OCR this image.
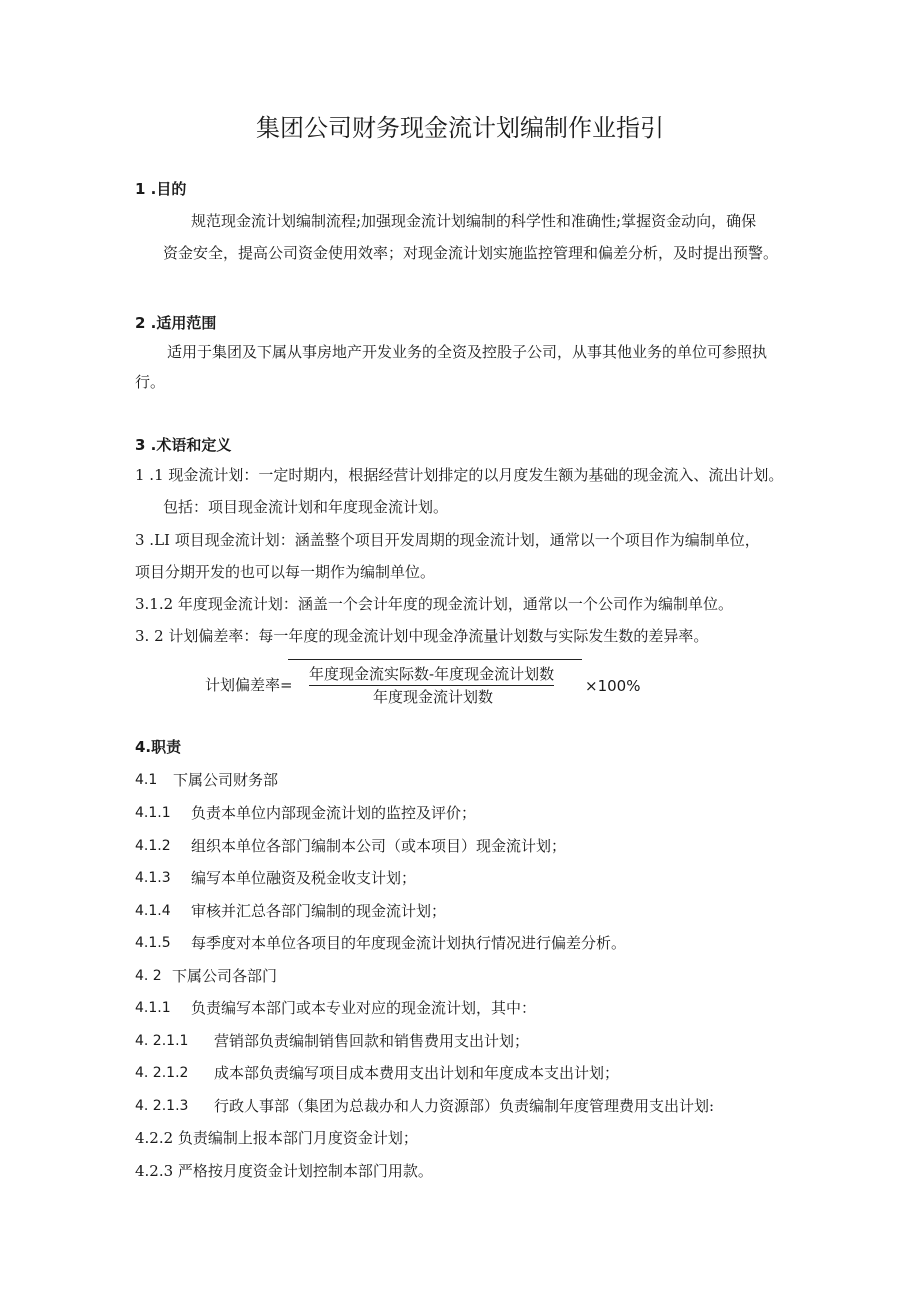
集团公司财务现金流计划编制作业指引
1 .目的
规范现金流计划编制流程;加强现金流计划编制的科学性和准确性;掌握资金动向，确保
资金安全，提高公司资金使用效率；对现金流计划实施监控管理和偏差分析，及时提出预警。
2 .适用范围
适用于集团及下属从事房地产开发业务的全资及控股子公司，从事其他业务的单位可参照执
行。
3 .术语和定义
1 .1 现金流计划：一定时期内，根据经营计划排定的以月度发生额为基础的现金流入、流出计划。
包括：项目现金流计划和年度现金流计划。
3 .LI 项目现金流计划：涵盖整个项目开发周期的现金流计划，通常以一个项目作为编制单位，
项目分期开发的也可以每一期作为编制单位。
3.1.2 年度现金流计划：涵盖一个会计年度的现金流计划，通常以一个公司作为编制单位。
3. 2 计划偏差率：每一年度的现金流计划中现金净流量计划数与实际发生数的差异率。
计划偏差率=
年度现金流实际数-年度现金流计划数
年度现金流计划数
×100%
4.职责
4.1 下属公司财务部
4.1.1 负责本单位内部现金流计划的监控及评价；
4.1.2 组织本单位各部门编制本公司（或本项目）现金流计划；
4.1.3 编写本单位融资及税金收支计划；
4.1.4 审核并汇总各部门编制的现金流计划；
4.1.5 每季度对本单位各项目的年度现金流计划执行情况进行偏差分析。
4. 2 下属公司各部门
4.1.1 负责编写本部门或本专业对应的现金流计划，其中：
4. 2.1.1 营销部负责编制销售回款和销售费用支出计划；
4. 2.1.2 成本部负责编写项目成本费用支出计划和年度成本支出计划；
4. 2.1.3 行政人事部（集团为总裁办和人力资源部）负责编制年度管理费用支出计划:
4.2.2 负责编制上报本部门月度资金计划；
4.2.3 严格按月度资金计划控制本部门用款。
